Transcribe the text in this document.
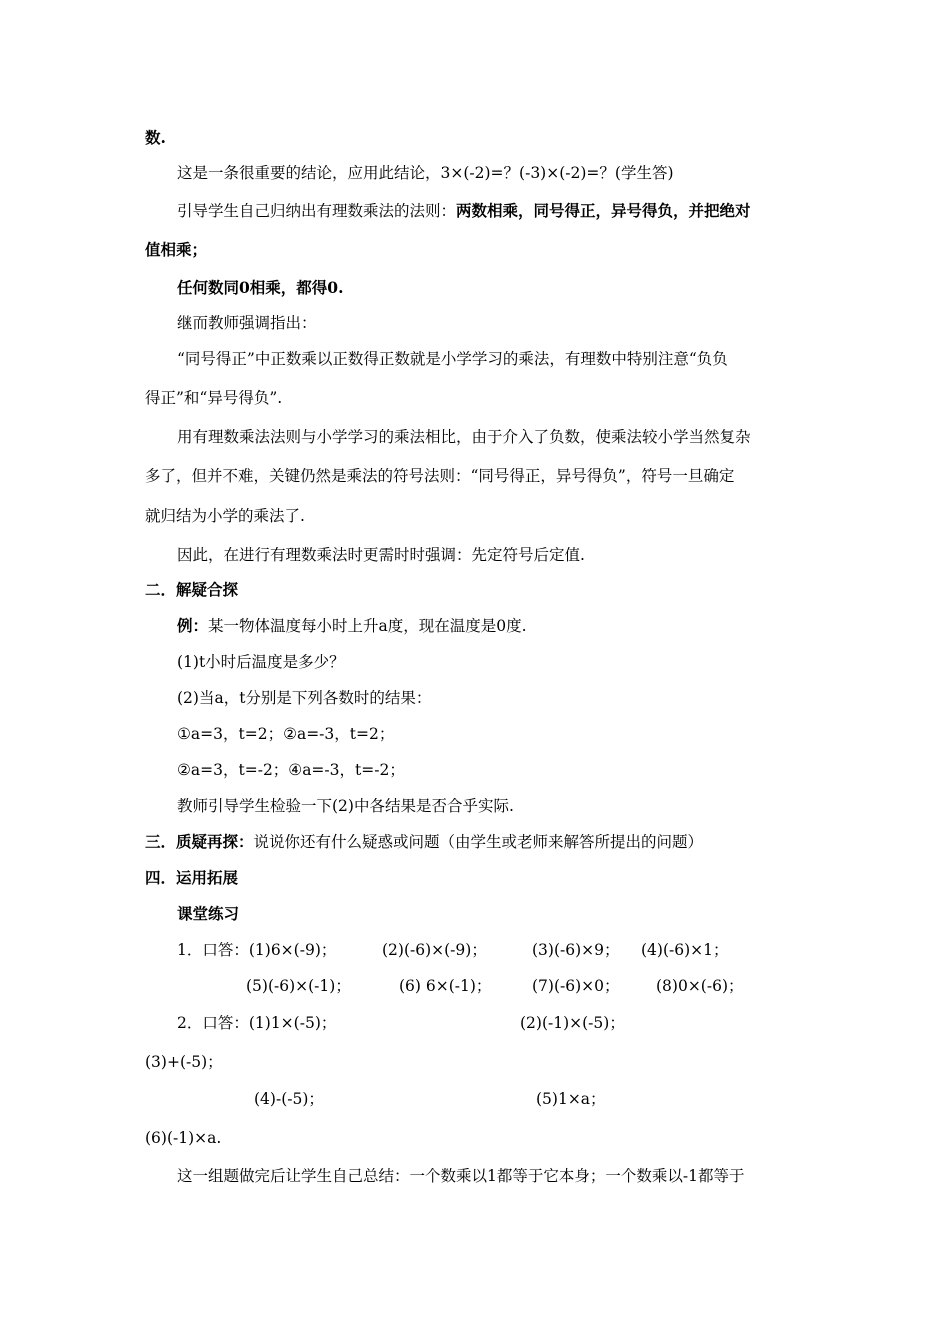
数.
这是一条很重要的结论，应用此结论，3×(-2)=？(-3)×(-2)=？(学生答)
引导学生自己归纳出有理数乘法的法则：两数相乘，同号得正，异号得负，并把绝对
值相乘；
任何数同0相乘，都得0.
继而教师强调指出：
“同号得正”中正数乘以正数得正数就是小学学习的乘法，有理数中特别注意“负负
得正”和“异号得负”.
用有理数乘法法则与小学学习的乘法相比，由于介入了负数，使乘法较小学当然复杂
多了，但并不难，关键仍然是乘法的符号法则：“同号得正，异号得负”，符号一旦确定
就归结为小学的乘法了.
因此，在进行有理数乘法时更需时时强调：先定符号后定值.
二．解疑合探
例：某一物体温度每小时上升a度，现在温度是0度.
(1)t小时后温度是多少？
(2)当a，t分别是下列各数时的结果：
①a=3，t=2；②a=-3，t=2；
②a=3，t=-2；④a=-3，t=-2；
教师引导学生检验一下(2)中各结果是否合乎实际.
三．质疑再探：说说你还有什么疑惑或问题（由学生或老师来解答所提出的问题）
四．运用拓展
课堂练习
1．口答：(1)6×(-9)；	(2)(-6)×(-9)；	(3)(-6)×9； (4)(-6)×1；
(5)(-6)×(-1)；	(6) 6×(-1)；	(7)(-6)×0； (8)0×(-6)；
2．口答：(1)1×(-5)；	(2)(-1)×(-5)；
(3)+(-5)；
(4)-(-5)；	(5)1×a；
(6)(-1)×a.
这一组题做完后让学生自己总结：一个数乘以1都等于它本身；一个数乘以-1都等于
